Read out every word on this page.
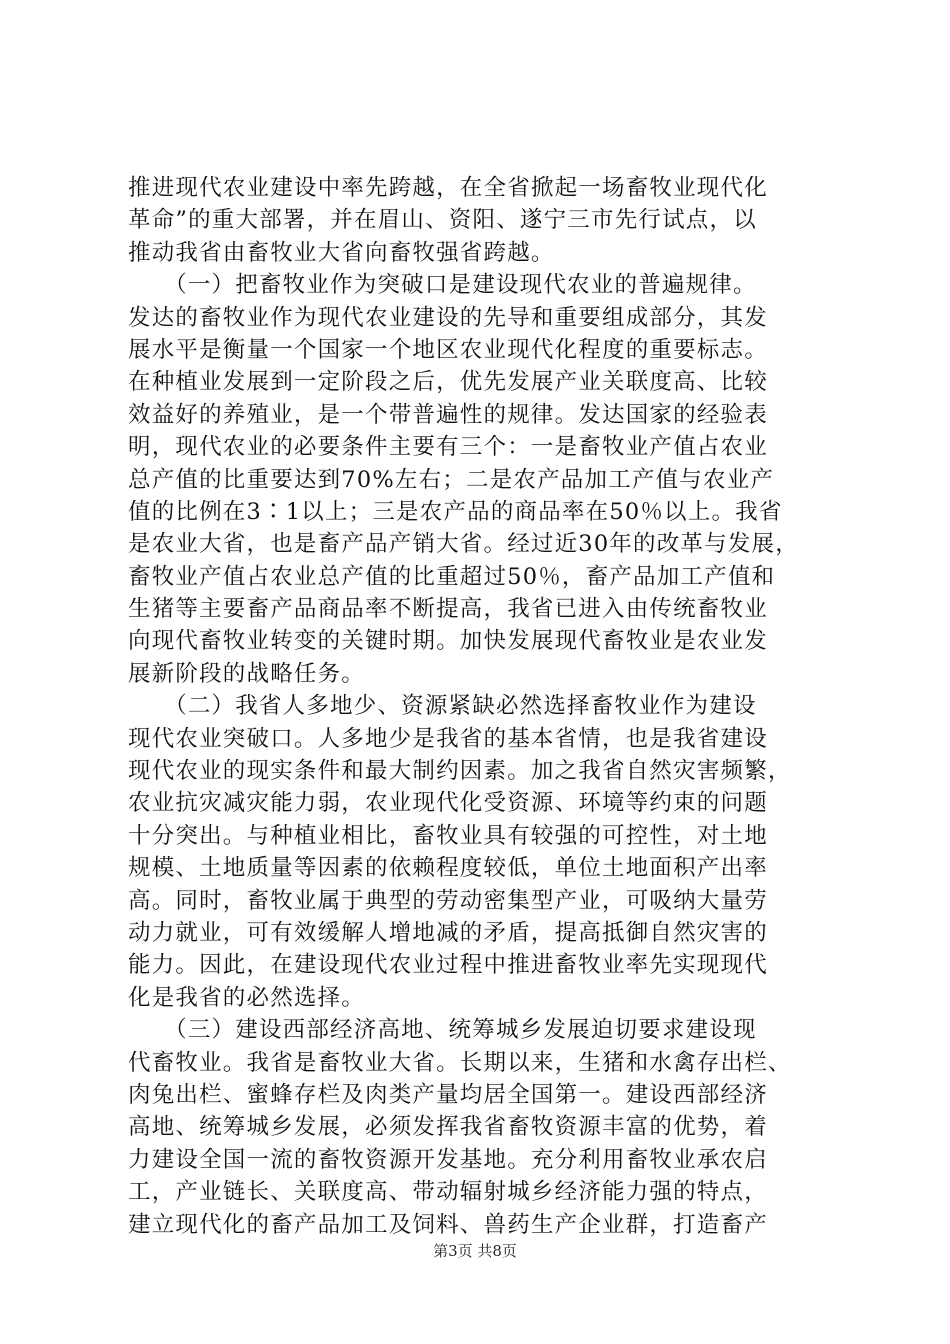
推进现代农业建设中率先跨越，在全省掀起一场畜牧业现代化
革命”的重大部署，并在眉山、资阳、遂宁三市先行试点，以
推动我省由畜牧业大省向畜牧强省跨越。
　　（一）把畜牧业作为突破口是建设现代农业的普遍规律。
发达的畜牧业作为现代农业建设的先导和重要组成部分，其发
展水平是衡量一个国家一个地区农业现代化程度的重要标志。
在种植业发展到一定阶段之后，优先发展产业关联度高、比较
效益好的养殖业，是一个带普遍性的规律。发达国家的经验表
明，现代农业的必要条件主要有三个：一是畜牧业产值占农业
总产值的比重要达到70%左右；二是农产品加工产值与农业产
值的比例在3∶1以上；三是农产品的商品率在50％以上。我省
是农业大省，也是畜产品产销大省。经过近30年的改革与发展，
畜牧业产值占农业总产值的比重超过50％，畜产品加工产值和
生猪等主要畜产品商品率不断提高，我省已进入由传统畜牧业
向现代畜牧业转变的关键时期。加快发展现代畜牧业是农业发
展新阶段的战略任务。
　　（二）我省人多地少、资源紧缺必然选择畜牧业作为建设
现代农业突破口。人多地少是我省的基本省情，也是我省建设
现代农业的现实条件和最大制约因素。加之我省自然灾害频繁，
农业抗灾减灾能力弱，农业现代化受资源、环境等约束的问题
十分突出。与种植业相比，畜牧业具有较强的可控性，对土地
规模、土地质量等因素的依赖程度较低，单位土地面积产出率
高。同时，畜牧业属于典型的劳动密集型产业，可吸纳大量劳
动力就业，可有效缓解人增地减的矛盾，提高抵御自然灾害的
能力。因此，在建设现代农业过程中推进畜牧业率先实现现代
化是我省的必然选择。
　　（三）建设西部经济高地、统筹城乡发展迫切要求建设现
代畜牧业。我省是畜牧业大省。长期以来，生猪和水禽存出栏、
肉兔出栏、蜜蜂存栏及肉类产量均居全国第一。建设西部经济
高地、统筹城乡发展，必须发挥我省畜牧资源丰富的优势，着
力建设全国一流的畜牧资源开发基地。充分利用畜牧业承农启
工，产业链长、关联度高、带动辐射城乡经济能力强的特点，
建立现代化的畜产品加工及饲料、兽药生产企业群，打造畜产
第3页 共8页
